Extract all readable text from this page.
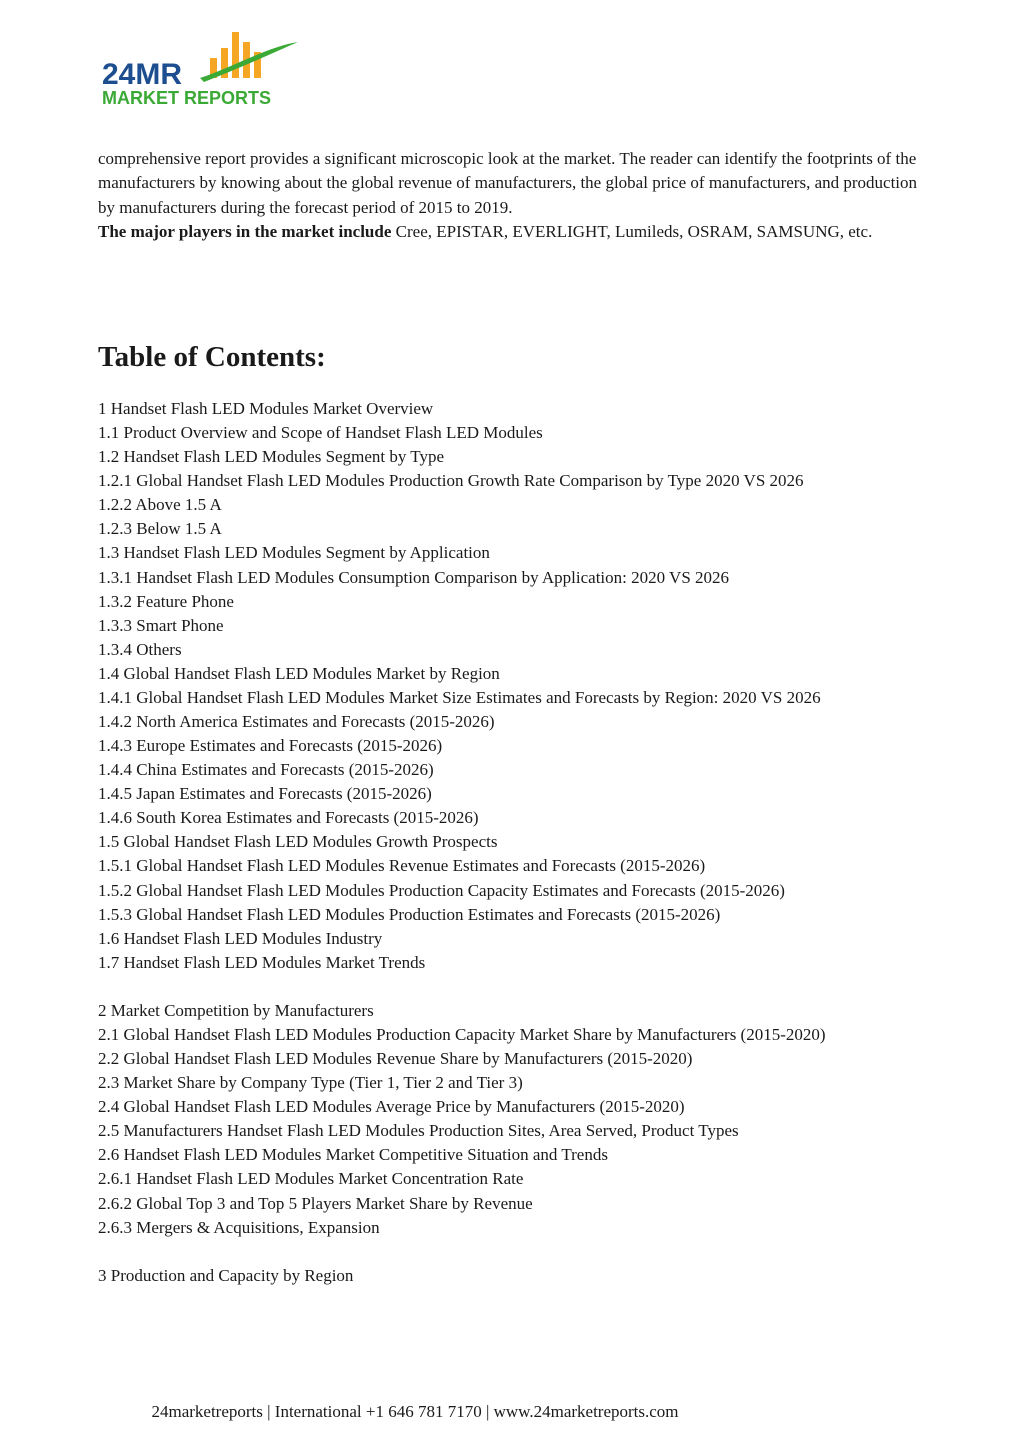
24MR
MARKET REPORTS

comprehensive report provides a significant microscopic look at the market. The reader can identify the footprints of the manufacturers by knowing about the global revenue of manufacturers, the global price of manufacturers, and production by manufacturers during the forecast period of 2015 to 2019.

The major players in the market include Cree, EPISTAR, EVERLIGHT, Lumileds, OSRAM, SAMSUNG, etc.

Table of Contents:
1 Handset Flash LED Modules Market Overview
1.1 Product Overview and Scope of Handset Flash LED Modules
1.2 Handset Flash LED Modules Segment by Type
1.2.1 Global Handset Flash LED Modules Production Growth Rate Comparison by Type 2020 VS 2026
1.2.2 Above 1.5 A
1.2.3 Below 1.5 A
1.3 Handset Flash LED Modules Segment by Application
1.3.1 Handset Flash LED Modules Consumption Comparison by Application: 2020 VS 2026
1.3.2 Feature Phone
1.3.3 Smart Phone
1.3.4 Others
1.4 Global Handset Flash LED Modules Market by Region
1.4.1 Global Handset Flash LED Modules Market Size Estimates and Forecasts by Region: 2020 VS 2026
1.4.2 North America Estimates and Forecasts (2015-2026)
1.4.3 Europe Estimates and Forecasts (2015-2026)
1.4.4 China Estimates and Forecasts (2015-2026)
1.4.5 Japan Estimates and Forecasts (2015-2026)
1.4.6 South Korea Estimates and Forecasts (2015-2026)
1.5 Global Handset Flash LED Modules Growth Prospects
1.5.1 Global Handset Flash LED Modules Revenue Estimates and Forecasts (2015-2026)
1.5.2 Global Handset Flash LED Modules Production Capacity Estimates and Forecasts (2015-2026)
1.5.3 Global Handset Flash LED Modules Production Estimates and Forecasts (2015-2026)
1.6 Handset Flash LED Modules Industry
1.7 Handset Flash LED Modules Market Trends
2 Market Competition by Manufacturers
2.1 Global Handset Flash LED Modules Production Capacity Market Share by Manufacturers (2015-2020)
2.2 Global Handset Flash LED Modules Revenue Share by Manufacturers (2015-2020)
2.3 Market Share by Company Type (Tier 1, Tier 2 and Tier 3)
2.4 Global Handset Flash LED Modules Average Price by Manufacturers (2015-2020)
2.5 Manufacturers Handset Flash LED Modules Production Sites, Area Served, Product Types
2.6 Handset Flash LED Modules Market Competitive Situation and Trends
2.6.1 Handset Flash LED Modules Market Concentration Rate
2.6.2 Global Top 3 and Top 5 Players Market Share by Revenue
2.6.3 Mergers & Acquisitions, Expansion
3 Production and Capacity by Region
24marketreports | International +1 646 781 7170 | www.24marketreports.com
